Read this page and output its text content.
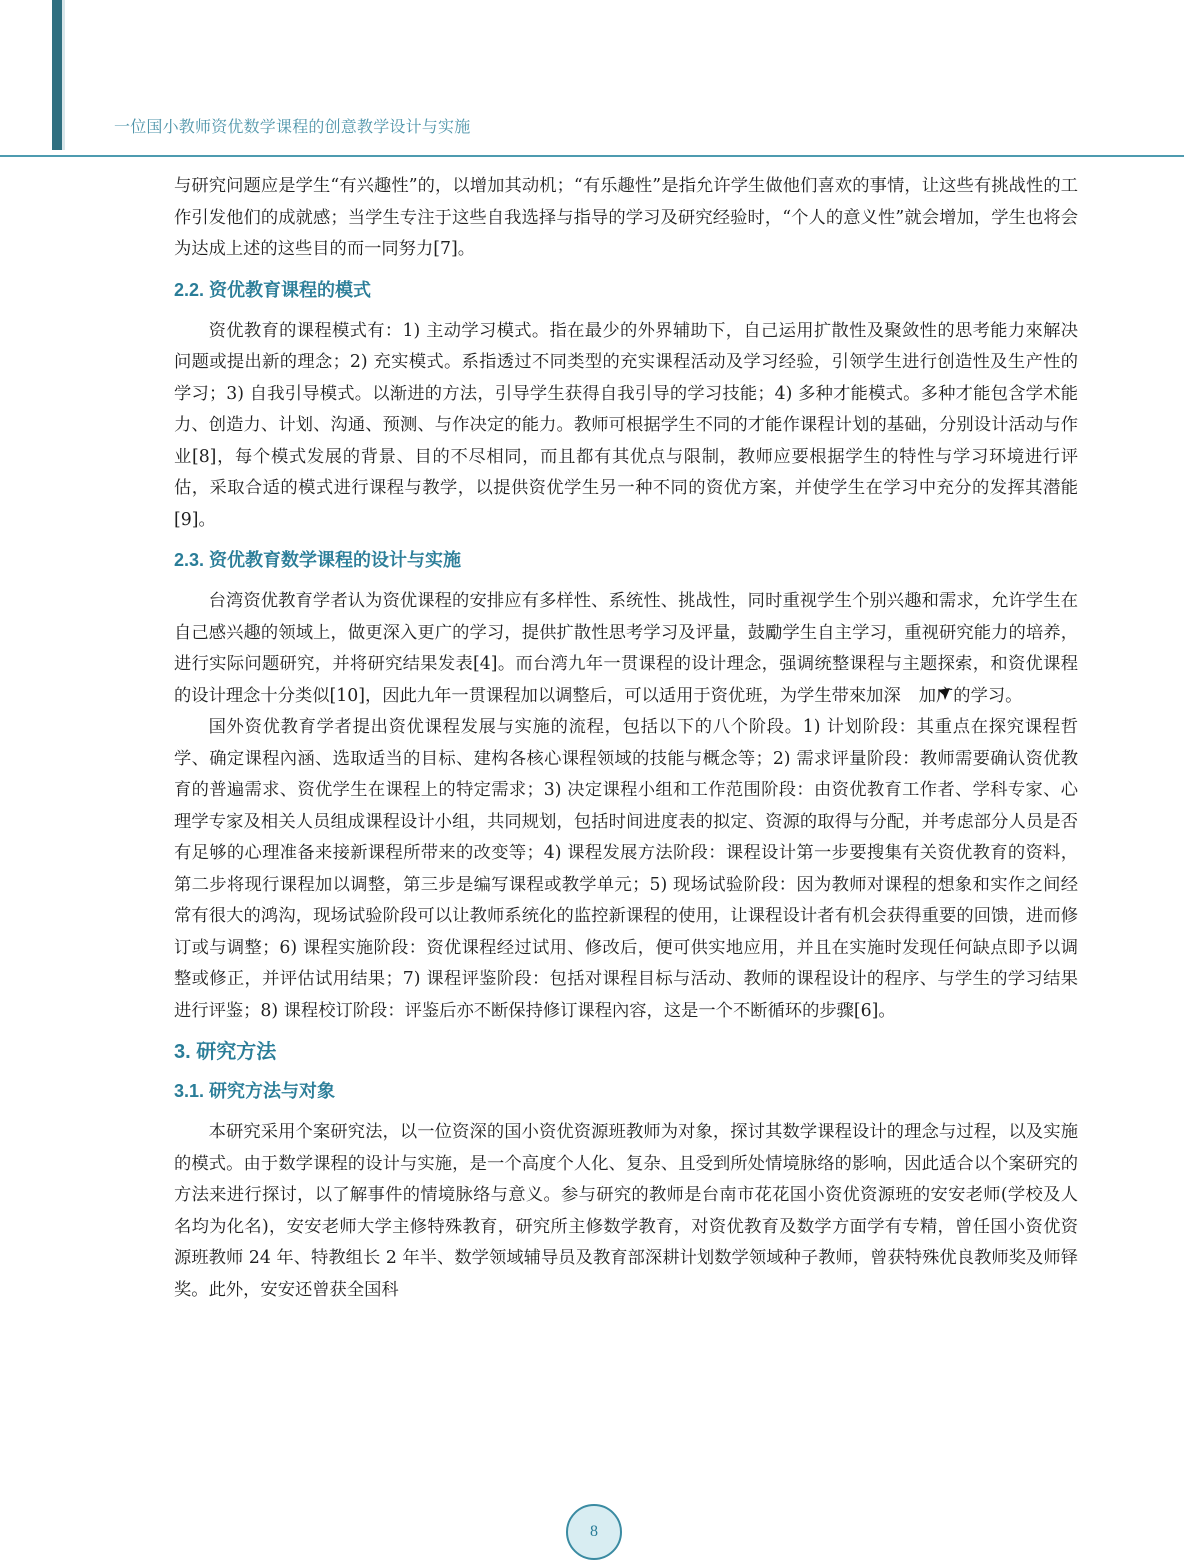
一位国小教师资优数学课程的创意教学设计与实施

与研究问题应是学生“有兴趣性”的，以增加其动机；“有乐趣性”是指允许学生做他们喜欢的事情，让这些有挑战性的工作引发他们的成就感；当学生专注于这些自我选择与指导的学习及研究经验时，“个人的意义性”就会增加，学生也将会为达成上述的这些目的而一同努力[7]。

2.2. 资优教育课程的模式

资优教育的课程模式有：1) 主动学习模式。指在最少的外界辅助下，自己运用扩散性及聚敛性的思考能力來解决问题或提出新的理念；2) 充实模式。系指透过不同类型的充实课程活动及学习经验，引领学生进行创造性及生产性的学习；3) 自我引导模式。以渐进的方法，引导学生获得自我引导的学习技能；4) 多种才能模式。多种才能包含学术能力、创造力、计划、沟通、预测、与作决定的能力。教师可根据学生不同的才能作课程计划的基础，分别设计活动与作业[8]，每个模式发展的背景、目的不尽相同，而且都有其优点与限制，教师应要根据学生的特性与学习环境进行评估，采取合适的模式进行课程与教学，以提供资优学生另一种不同的资优方案，并使学生在学习中充分的发挥其潜能[9]。

2.3. 资优教育数学课程的设计与实施

台湾资优教育学者认为资优课程的安排应有多样性、系统性、挑战性，同时重视学生个别兴趣和需求，允许学生在自己感兴趣的领域上，做更深入更广的学习，提供扩散性思考学习及评量，鼓勵学生自主学习，重视研究能力的培养，进行实际问题研究，并将研究结果发表[4]。而台湾九年一贯课程的设计理念，强调统整课程与主题探索，和资优课程的设计理念十分类似[10]，因此九年一贯课程加以调整后，可以适用于资优班，为学生带來加深 加广的学习。

国外资优教育学者提出资优课程发展与实施的流程，包括以下的八个阶段。1) 计划阶段：其重点在探究课程哲学、确定课程內涵、选取适当的目标、建构各核心课程领域的技能与概念等；2) 需求评量阶段：教师需要确认资优教育的普遍需求、资优学生在课程上的特定需求；3) 决定课程小组和工作范围阶段：由资优教育工作者、学科专家、心理学专家及相关人员组成课程设计小组，共同规划，包括时间进度表的拟定、资源的取得与分配，并考虑部分人员是否有足够的心理准备来接新课程所带来的改变等；4) 课程发展方法阶段：课程设计第一步要搜集有关资优教育的资料，第二步将现行课程加以调整，第三步是编写课程或教学单元；5) 现场试验阶段：因为教师对课程的想象和实作之间经常有很大的鸿沟，现场试验阶段可以让教师系统化的监控新课程的使用，让课程设计者有机会获得重要的回馈，进而修订或与调整；6) 课程实施阶段：资优课程经过试用、修改后，便可供实地应用，并且在实施时发现任何缺点即予以调整或修正，并评估试用结果；7) 课程评鉴阶段：包括对课程目标与活动、教师的课程设计的程序、与学生的学习结果进行评鉴；8) 课程校订阶段：评鉴后亦不断保持修订课程內容，这是一个不断循环的步骤[6]。

3. 研究方法
3.1. 研究方法与对象

本研究采用个案研究法，以一位资深的国小资优资源班教师为对象，探讨其数学课程设计的理念与过程，以及实施的模式。由于数学课程的设计与实施，是一个高度个人化、复杂、且受到所处情境脉络的影响，因此适合以个案研究的方法来进行探讨，以了解事件的情境脉络与意义。参与研究的教师是台南市花花国小资优资源班的安安老师(学校及人名均为化名)，安安老师大学主修特殊教育，研究所主修数学教育，对资优教育及数学方面学有专精，曾任国小资优资源班教师 24 年、特教组长 2 年半、数学领域辅导员及教育部深耕计划数学领域种子教师，曾获特殊优良教师奖及师铎奖。此外，安安还曾获全国科

8
